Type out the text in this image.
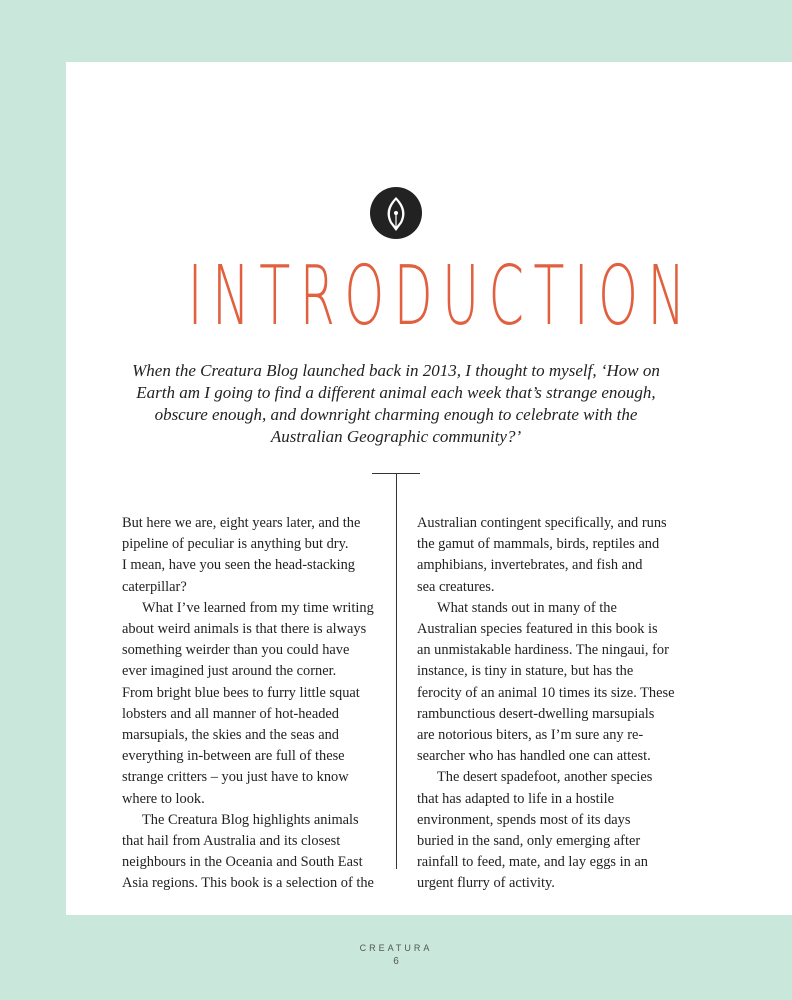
INTRODUCTION
When the Creatura Blog launched back in 2013, I thought to myself, ‘How on
Earth am I going to find a different animal each week that’s strange enough,
obscure enough, and downright charming enough to celebrate with the
Australian Geographic community?’

But here we are, eight years later, and the
pipeline of peculiar is anything but dry.
I mean, have you seen the head-stacking
caterpillar?

What I’ve learned from my time writing
about weird animals is that there is always
something weirder than you could have
ever imagined just around the corner.
From bright blue bees to furry little squat
lobsters and all manner of hot-headed
marsupials, the skies and the seas and
everything in-between are full of these
strange critters – you just have to know
where to look.

The Creatura Blog highlights animals
that hail from Australia and its closest
neighbours in the Oceania and South East
Asia regions. This book is a selection of the

Australian contingent specifically, and runs
the gamut of mammals, birds, reptiles and
amphibians, invertebrates, and fish and
sea creatures.

What stands out in many of the
Australian species featured in this book is
an unmistakable hardiness. The ningaui, for
instance, is tiny in stature, but has the
ferocity of an animal 10 times its size. These
rambunctious desert-dwelling marsupials
are notorious biters, as I’m sure any re-
searcher who has handled one can attest.

The desert spadefoot, another species
that has adapted to life in a hostile
environment, spends most of its days
buried in the sand, only emerging after
rainfall to feed, mate, and lay eggs in an
urgent flurry of activity.

CREATURA
6
